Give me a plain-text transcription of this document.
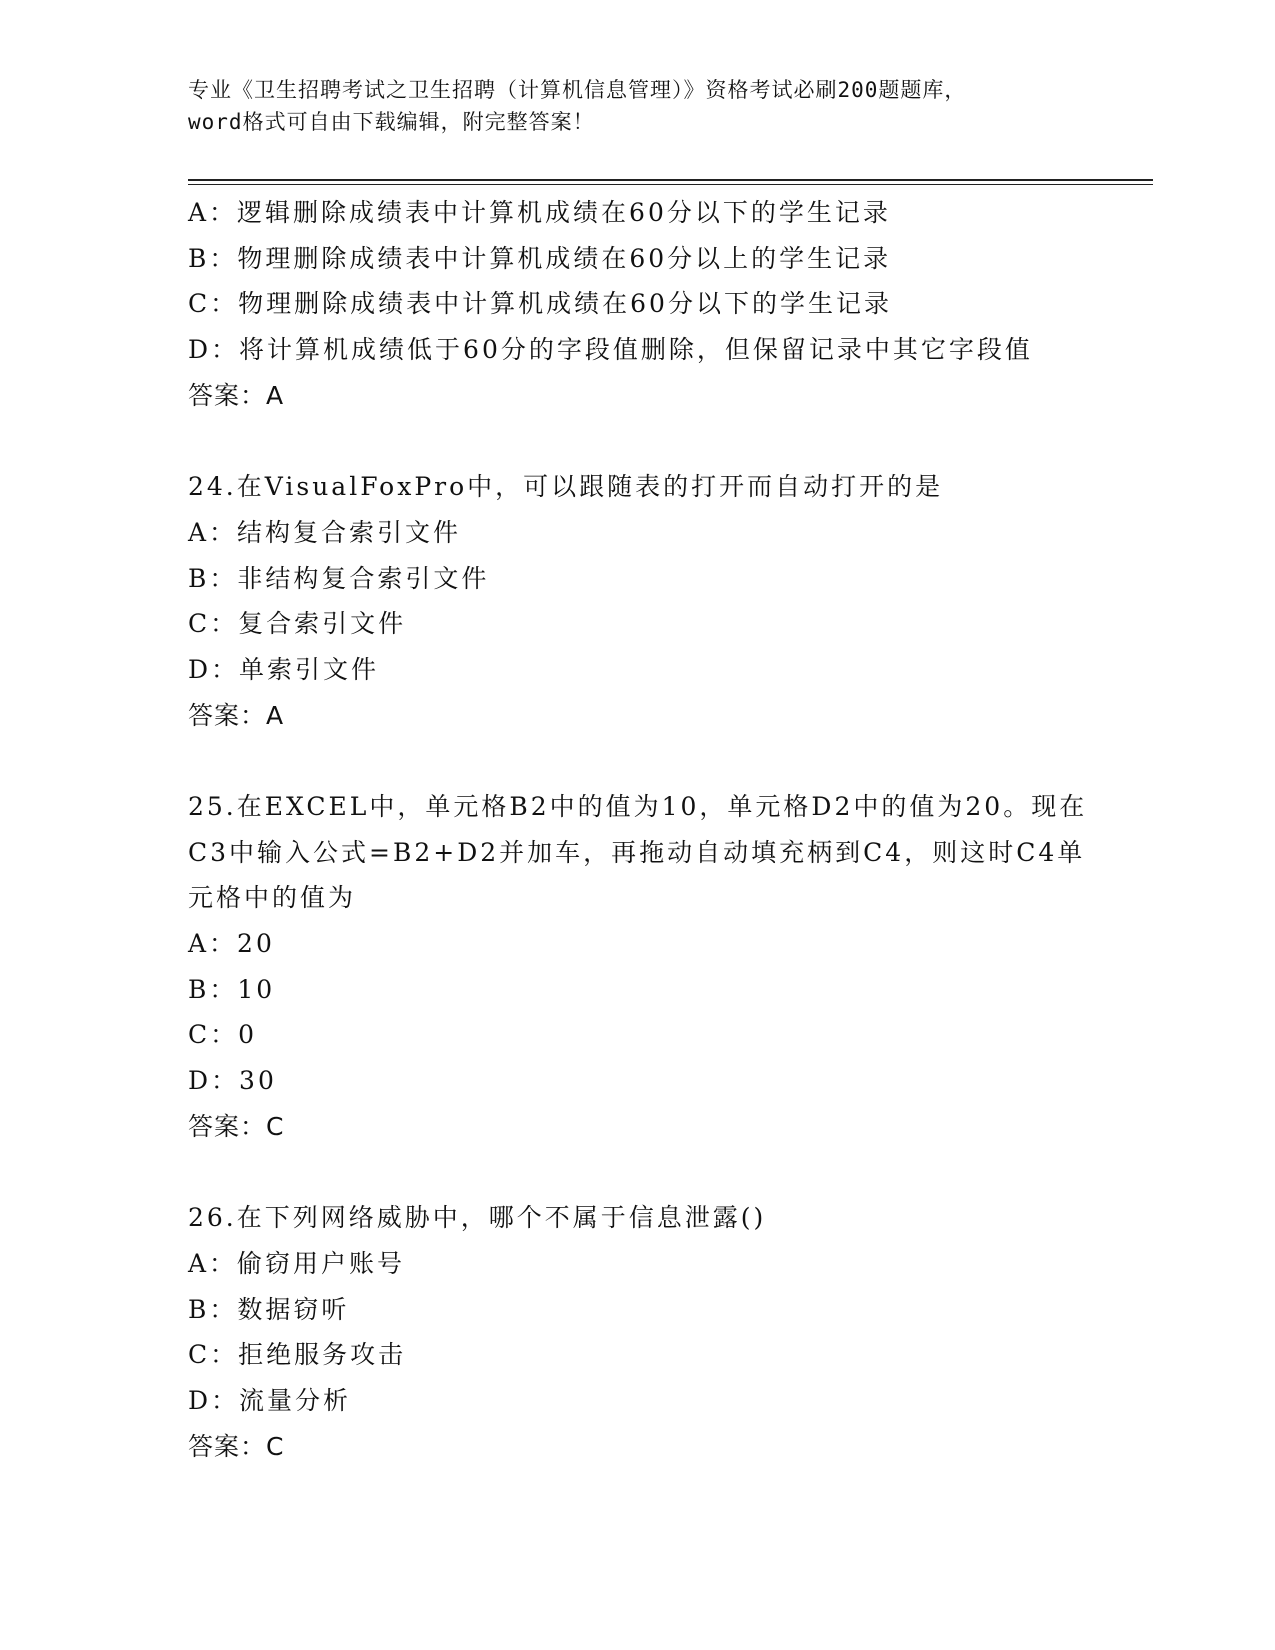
专业《卫生招聘考试之卫生招聘（计算机信息管理）》资格考试必刷200题题库，
word格式可自由下载编辑，附完整答案！
A：逻辑删除成绩表中计算机成绩在60分以下的学生记录
B：物理删除成绩表中计算机成绩在60分以上的学生记录
C：物理删除成绩表中计算机成绩在60分以下的学生记录
D：将计算机成绩低于60分的字段值删除，但保留记录中其它字段值
答案：A
24.在VisualFoxPro中，可以跟随表的打开而自动打开的是
A：结构复合索引文件
B：非结构复合索引文件
C：复合索引文件
D：单索引文件
答案：A
25.在EXCEL中，单元格B2中的值为10，单元格D2中的值为20。现在C3中输入公式=B2+D2并加车，再拖动自动填充柄到C4，则这时C4单元格中的值为
A：20
B：10
C：0
D：30
答案：C
26.在下列网络威胁中，哪个不属于信息泄露()
A：偷窃用户账号
B：数据窃听
C：拒绝服务攻击
D：流量分析
答案：C
